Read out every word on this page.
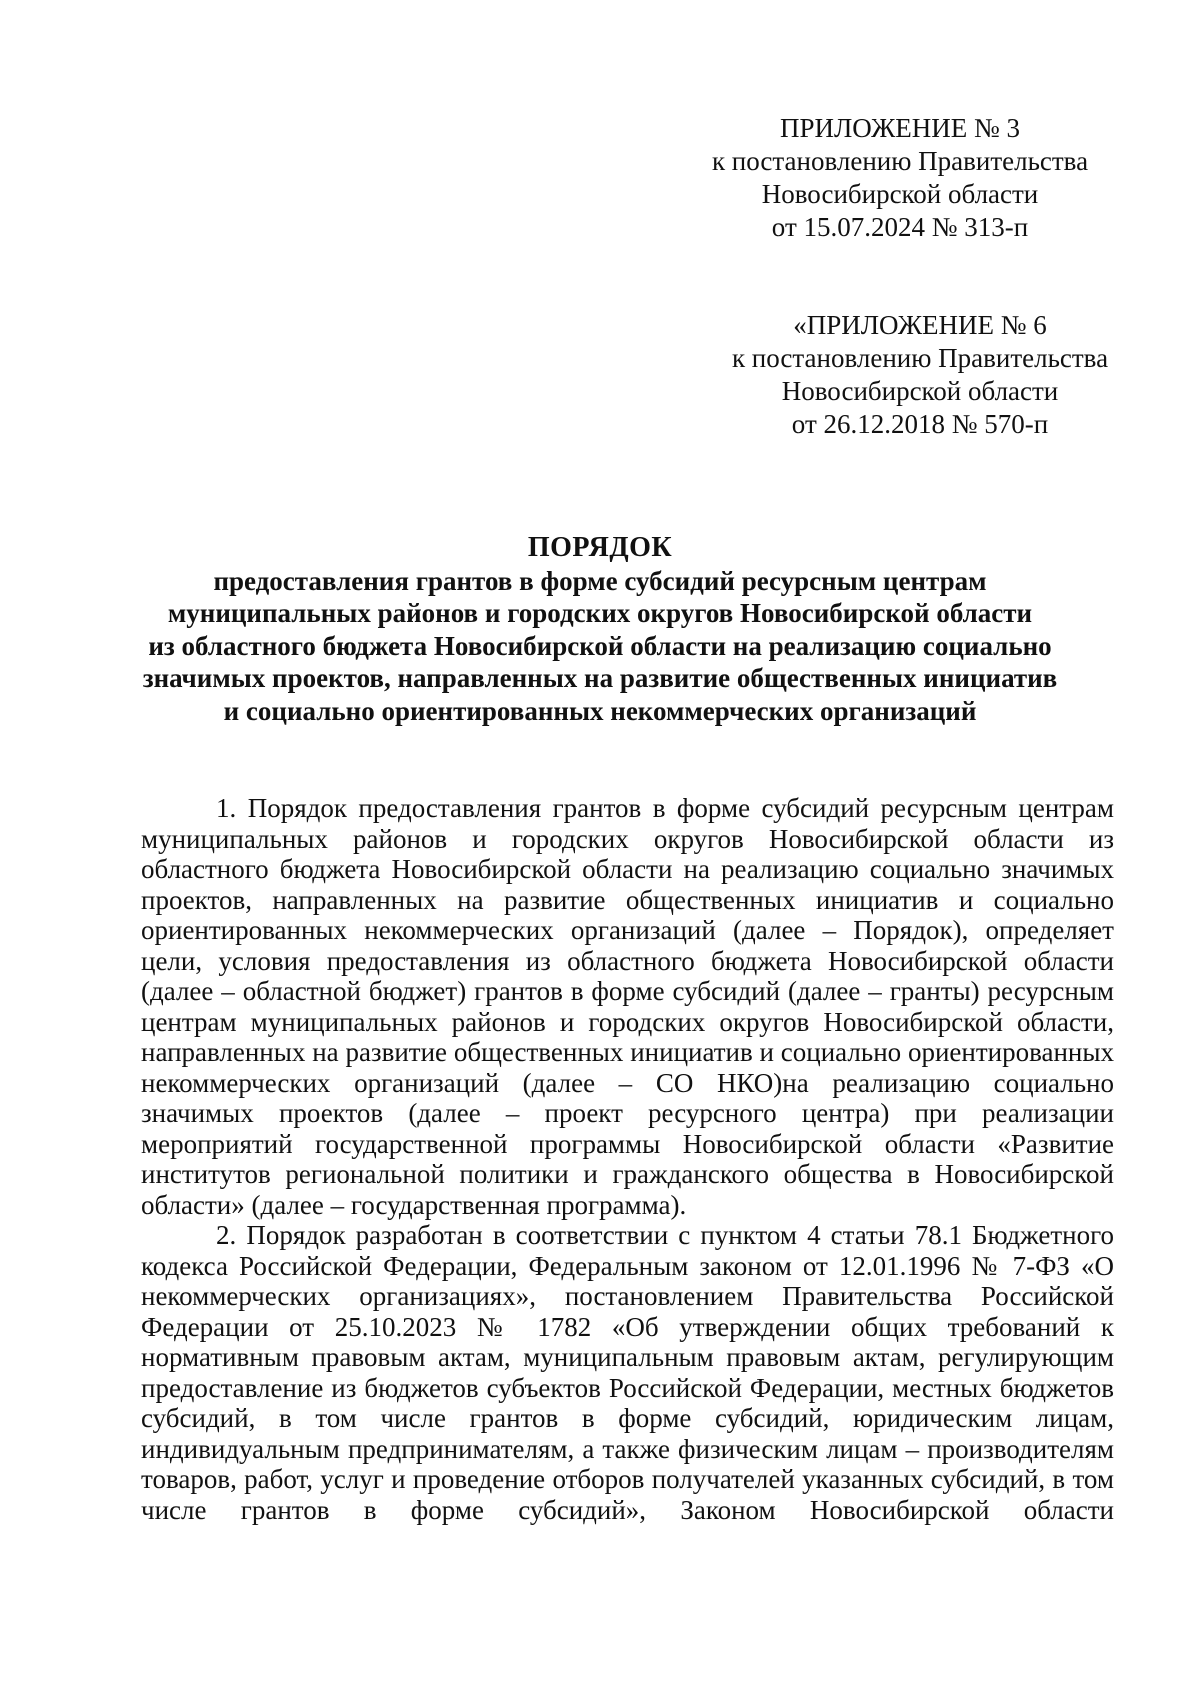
ПРИЛОЖЕНИЕ № 3
к постановлению Правительства
Новосибирской области
от 15.07.2024 № 313-п
«ПРИЛОЖЕНИЕ № 6
к постановлению Правительства
Новосибирской области
от 26.12.2018 № 570-п
ПОРЯДОК
предоставления грантов в форме субсидий ресурсным центрам
муниципальных районов и городских округов Новосибирской области
из областного бюджета Новосибирской области на реализацию социально
значимых проектов, направленных на развитие общественных инициатив
и социально ориентированных некоммерческих организаций

1. Порядок предоставления грантов в форме субсидий ресурсным центрам муниципальных районов и городских округов Новосибирской области из областного бюджета Новосибирской области на реализацию социально значимых проектов, направленных на развитие общественных инициатив и социально ориентированных некоммерческих организаций (далее – Порядок), определяет цели, условия предоставления из областного бюджета Новосибирской области (далее – областной бюджет) грантов в форме субсидий (далее – гранты) ресурсным центрам муниципальных районов и городских округов Новосибирской области, направленных на развитие общественных инициатив и социально ориентированных некоммерческих организаций (далее – СО НКО)на реализацию социально значимых проектов (далее – проект ресурсного центра) при реализации мероприятий государственной программы Новосибирской области «Развитие институтов региональной политики и гражданского общества в Новосибирской области» (далее – государственная программа).

2. Порядок разработан в соответствии с пунктом 4 статьи 78.1 Бюджетного кодекса Российской Федерации, Федеральным законом от 12.01.1996 № 7-ФЗ «О некоммерческих организациях», постановлением Правительства Российской Федерации от 25.10.2023 № 1782 «Об утверждении общих требований к нормативным правовым актам, муниципальным правовым актам, регулирующим предоставление из бюджетов субъектов Российской Федерации, местных бюджетов субсидий, в том числе грантов в форме субсидий, юридическим лицам, индивидуальным предпринимателям, а также физическим лицам – производителям товаров, работ, услуг и проведение отборов получателей указанных субсидий, в том числе грантов в форме субсидий», Законом Новосибирской области
